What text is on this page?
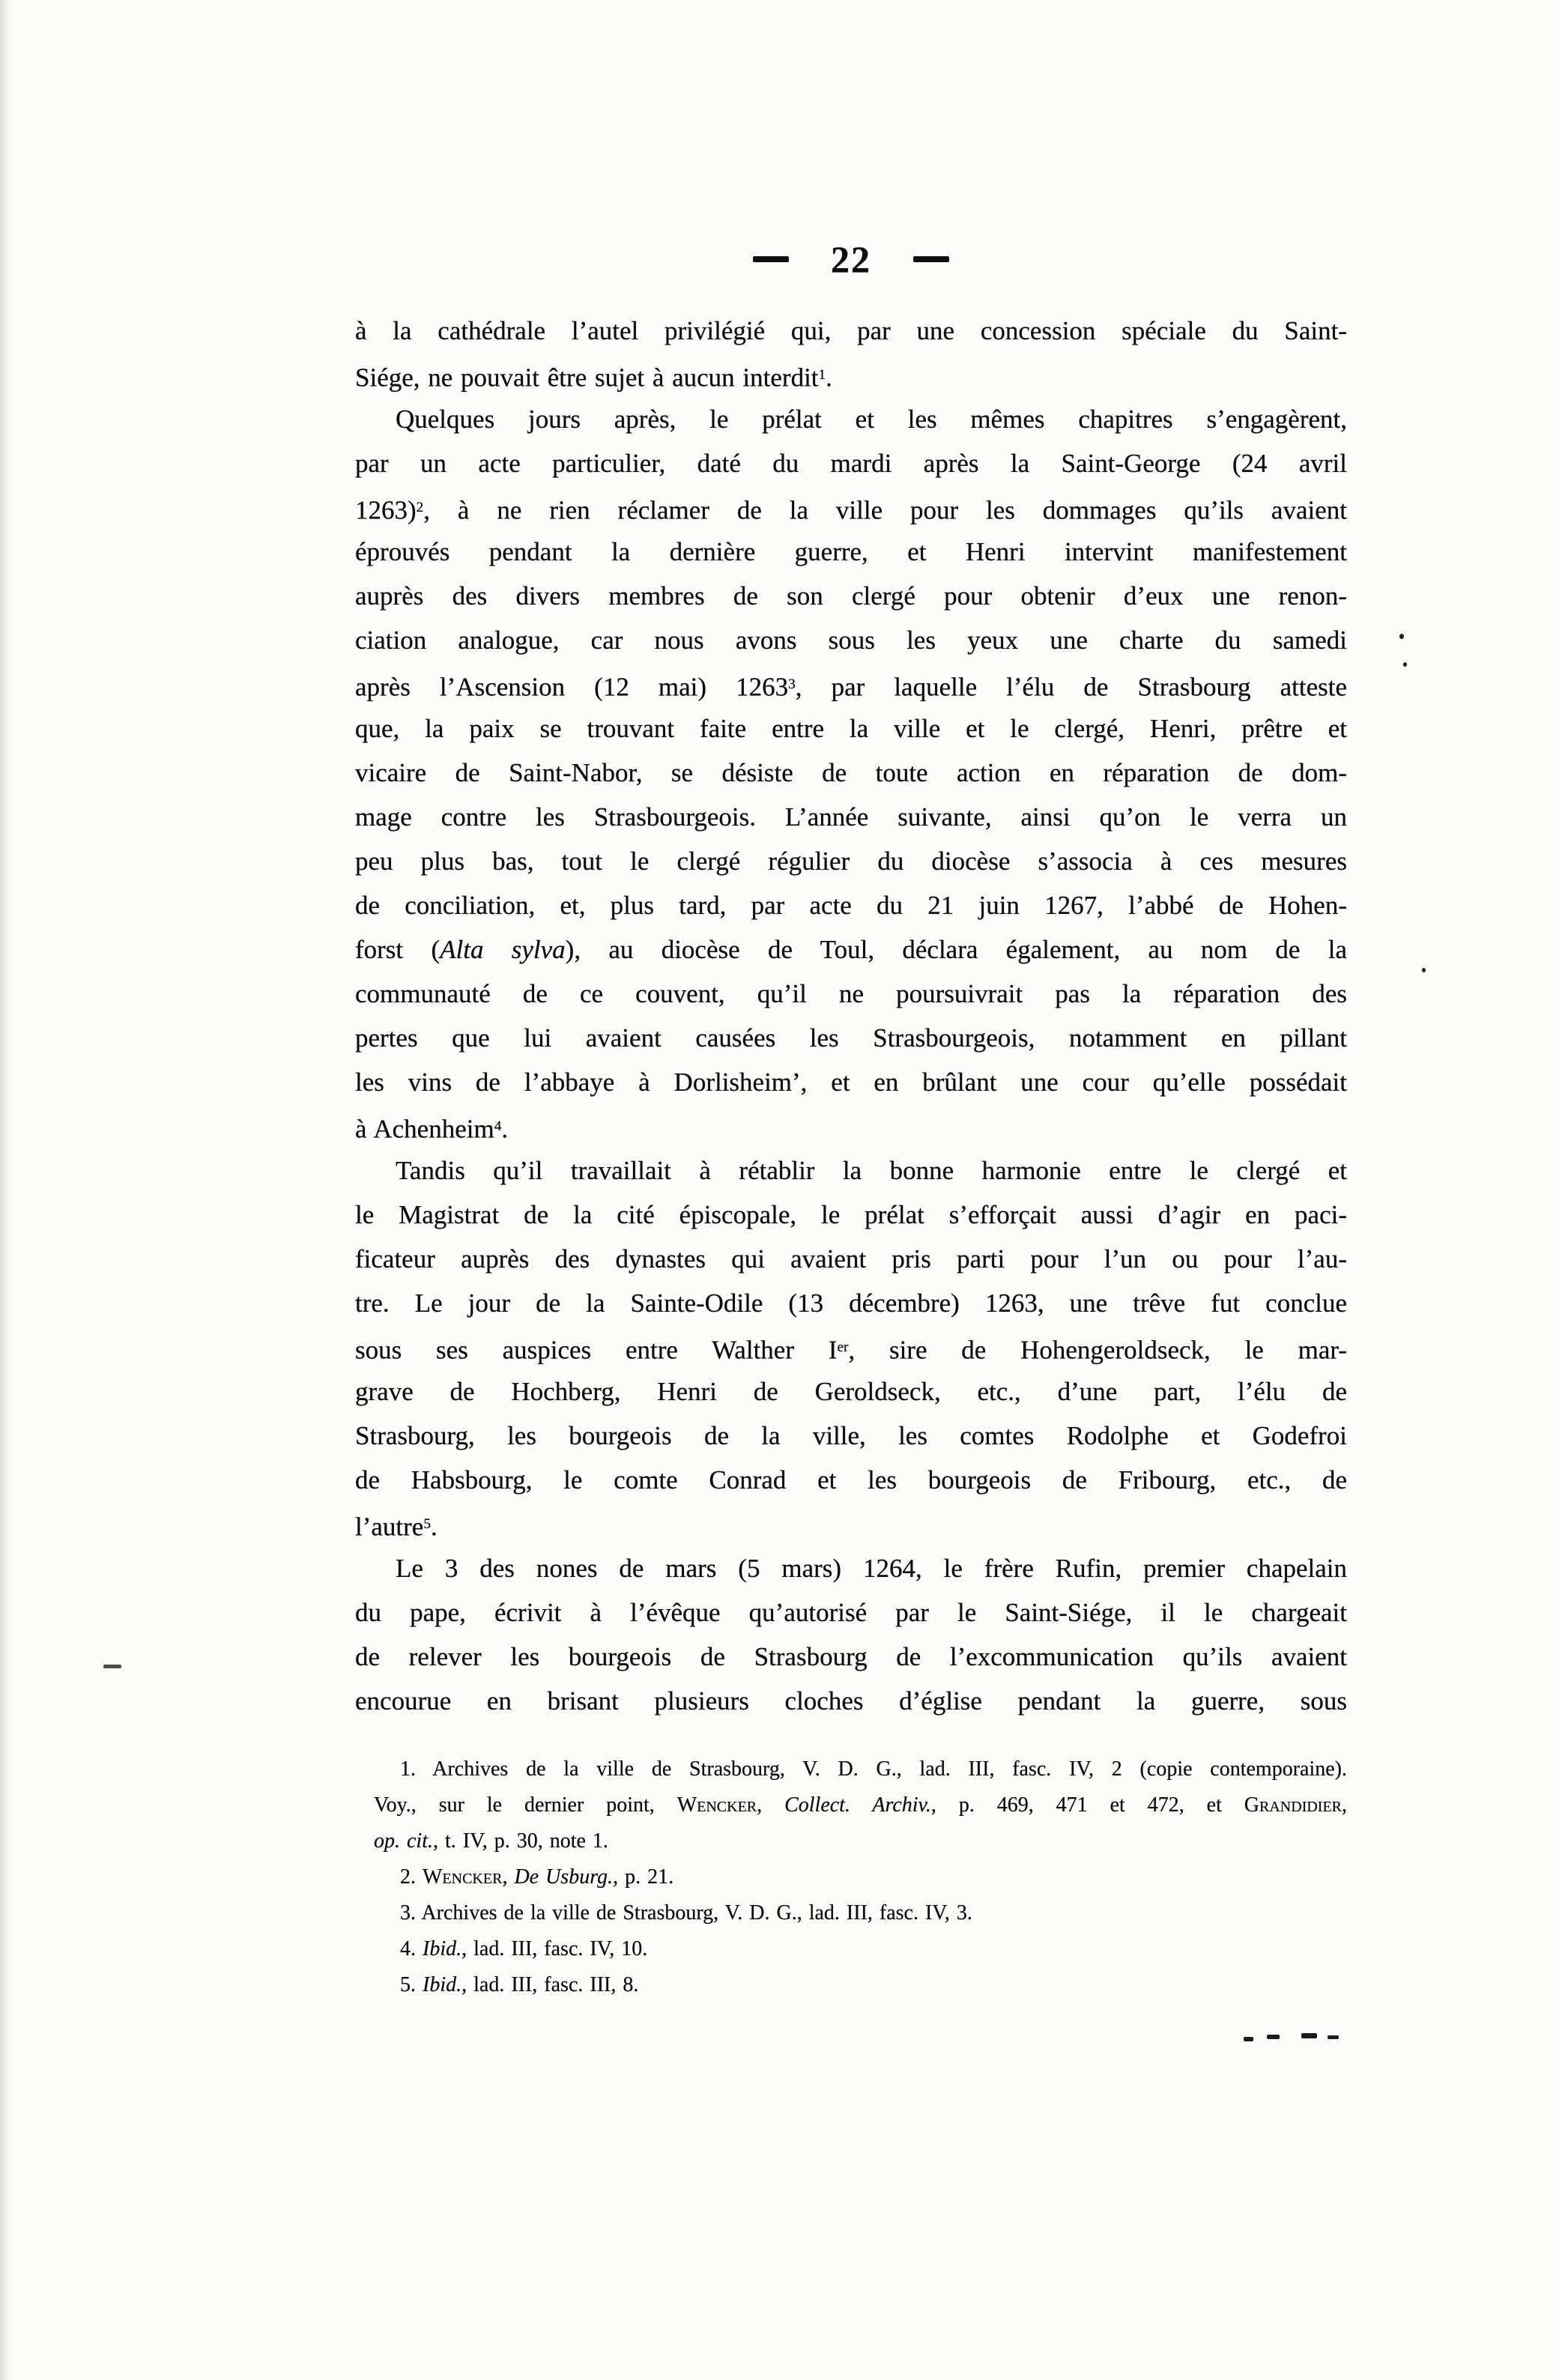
22
à la cathédrale l’autel privilégié qui, par une concession spéciale du Saint-
Siége, ne pouvait être sujet à aucun interdit$^1$.
Quelques jours après, le prélat et les mêmes chapitres s’engagèrent,
par un acte particulier, daté du mardi après la Saint-George (24 avril
1263)$^2$, à ne rien réclamer de la ville pour les dommages qu’ils avaient
éprouvés pendant la dernière guerre, et Henri intervint manifestement
auprès des divers membres de son clergé pour obtenir d’eux une renon-
ciation analogue, car nous avons sous les yeux une charte du samedi
après l’Ascension (12 mai) 1263$^3$, par laquelle l’élu de Strasbourg atteste
que, la paix se trouvant faite entre la ville et le clergé, Henri, prêtre et
vicaire de Saint-Nabor, se désiste de toute action en réparation de dom-
mage contre les Strasbourgeois. L’année suivante, ainsi qu’on le verra un
peu plus bas, tout le clergé régulier du diocèse s’associa à ces mesures
de conciliation, et, plus tard, par acte du 21 juin 1267, l’abbé de Hohen-
forst (Alta sylva), au diocèse de Toul, déclara également, au nom de la
communauté de ce couvent, qu’il ne poursuivrait pas la réparation des
pertes que lui avaient causées les Strasbourgeois, notamment en pillant
les vins de l’abbaye à Dorlisheim’, et en brûlant une cour qu’elle possédait
à Achenheim$^4$.
Tandis qu’il travaillait à rétablir la bonne harmonie entre le clergé et
le Magistrat de la cité épiscopale, le prélat s’efforçait aussi d’agir en paci-
ficateur auprès des dynastes qui avaient pris parti pour l’un ou pour l’au-
tre. Le jour de la Sainte-Odile (13 décembre) 1263, une trêve fut conclue
sous ses auspices entre Walther Ier, sire de Hohengeroldseck, le mar-
grave de Hochberg, Henri de Geroldseck, etc., d’une part, l’élu de
Strasbourg, les bourgeois de la ville, les comtes Rodolphe et Godefroi
de Habsbourg, le comte Conrad et les bourgeois de Fribourg, etc., de
l’autre$^5$.
Le 3 des nones de mars (5 mars) 1264, le frère Rufin, premier chapelain
du pape, écrivit à l’évêque qu’autorisé par le Saint-Siége, il le chargeait
de relever les bourgeois de Strasbourg de l’excommunication qu’ils avaient
encourue en brisant plusieurs cloches d’église pendant la guerre, sous
1. Archives de la ville de Strasbourg, V. D. G., lad. III, fasc. IV, 2 (copie contemporaine).
Voy., sur le dernier point, Wencker, Collect. Archiv., p. 469, 471 et 472, et Grandidier,
op. cit., t. IV, p. 30, note 1.
2. Wencker, De Usburg., p. 21.
3. Archives de la ville de Strasbourg, V. D. G., lad. III, fasc. IV, 3.
4. Ibid., lad. III, fasc. IV, 10.
5. Ibid., lad. III, fasc. III, 8.
